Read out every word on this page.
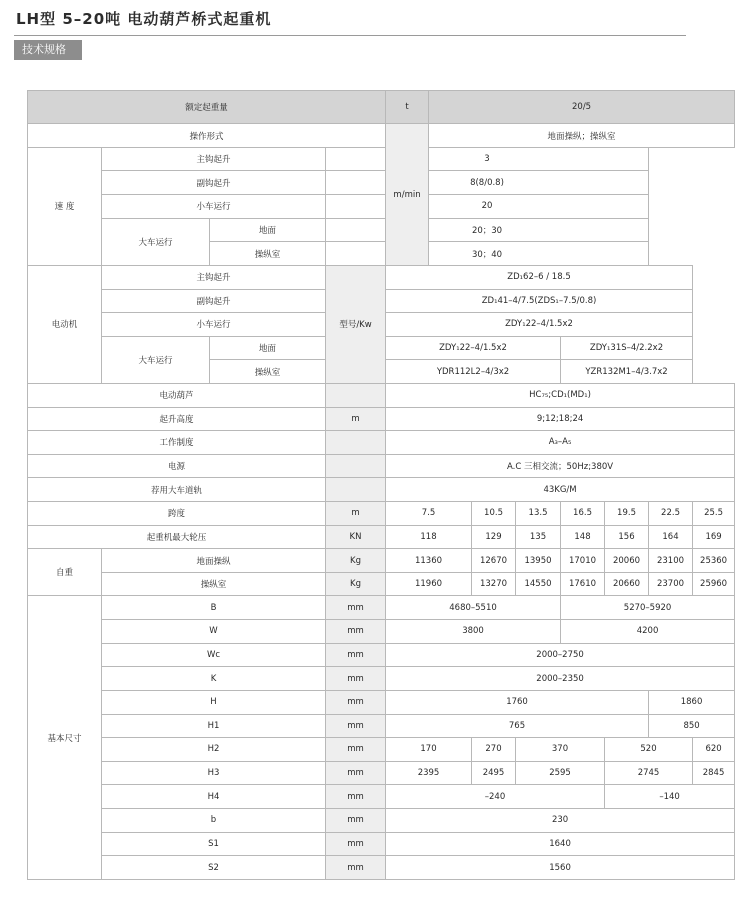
LH型 5–20吨 电动葫芦桥式起重机
技术规格
额定起重量				t	20/5						
操作形式				m/min	地面操纵；操纵室						
速 度	主钩起升		3								
	副钩起升		8(8/0.8)								
	小车运行		20								
	大车运行	地面	20；30								
		操纵室	30；40								
电动机	主钩起升		型号/Kw	ZD₁62–6 / 18.5							
	副钩起升			ZD₁41–4/7.5(ZDS₁–7.5/0.8)							
	小车运行			ZDY₁22–4/1.5x2							
	大车运行	地面		ZDY₁22–4/1.5x2				ZDY₁31S–4/2.2x2			
		操纵室		YDR112L2–4/3x2				YZR132M1–4/3.7x2			
电动葫芦				HC₇₅;CD₁(MD₁)							
起升高度			m	9;12;18;24							
工作制度				A₃–A₅							
电源				A.C 三相交流；50Hz;380V							
荐用大车道轨				43KG/M							
跨度			m	7.5		10.5	13.5	16.5	19.5	22.5	25.5
起重机最大轮压			KN	118		129	135	148	156	164	169
自重	地面操纵		Kg	11360		12670	13950	17010	20060	23100	25360
	操纵室		Kg	11960		13270	14550	17610	20660	23700	25960
基本尺寸	B		mm	4680–5510				5270–5920			
	W		mm	3800				4200			
	Wc		mm	2000–2750							
	K		mm	2000–2350							
	H		mm	1760						1860	
	H1		mm	765						850	
	H2		mm	170		270	370		520		620
	H3		mm	2395		2495	2595		2745		2845
	H4		mm	–240					–140		
	b		mm	230							
	S1		mm	1640							
	S2		mm	1560							
